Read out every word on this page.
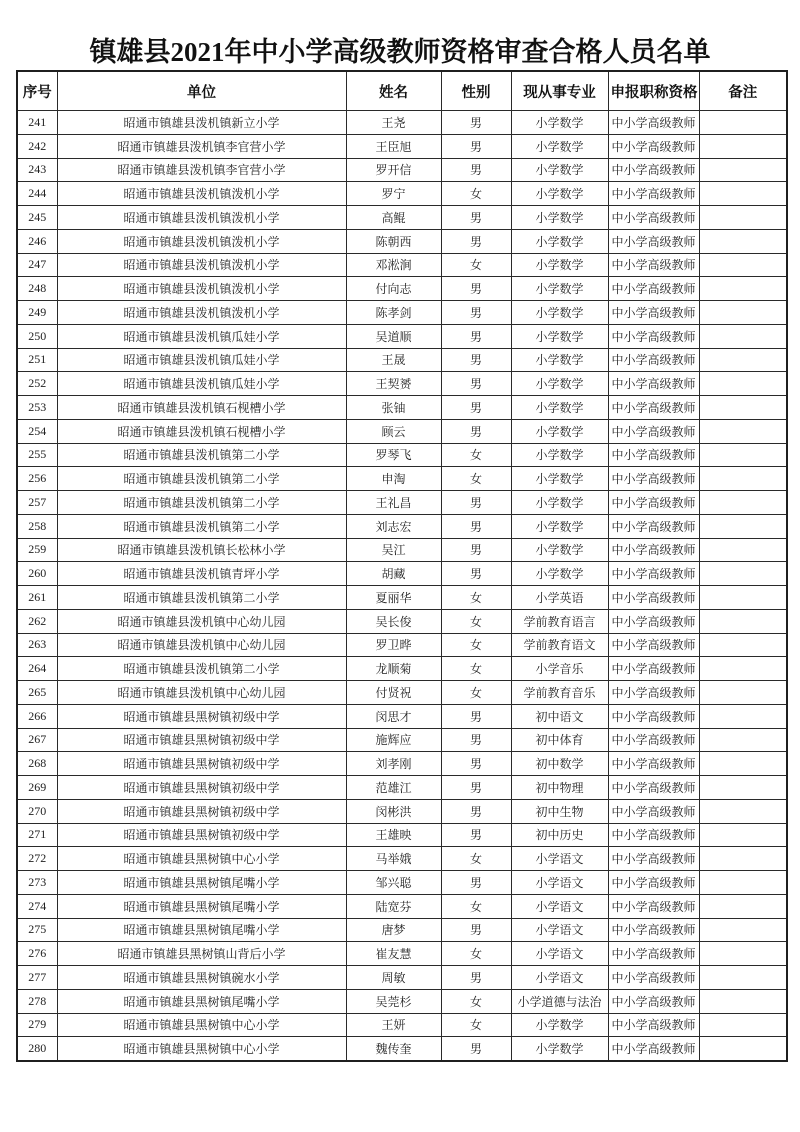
镇雄县2021年中小学高级教师资格审查合格人员名单
序号	单位	姓名	性别	现从事专业	申报职称资格	备注
241	昭通市镇雄县泼机镇新立小学	王尧	男	小学数学	中小学高级教师	
242	昭通市镇雄县泼机镇李官营小学	王臣旭	男	小学数学	中小学高级教师	
243	昭通市镇雄县泼机镇李官营小学	罗开信	男	小学数学	中小学高级教师	
244	昭通市镇雄县泼机镇泼机小学	罗宁	女	小学数学	中小学高级教师	
245	昭通市镇雄县泼机镇泼机小学	高鲲	男	小学数学	中小学高级教师	
246	昭通市镇雄县泼机镇泼机小学	陈朝西	男	小学数学	中小学高级教师	
247	昭通市镇雄县泼机镇泼机小学	邓淞涧	女	小学数学	中小学高级教师	
248	昭通市镇雄县泼机镇泼机小学	付向志	男	小学数学	中小学高级教师	
249	昭通市镇雄县泼机镇泼机小学	陈孝剑	男	小学数学	中小学高级教师	
250	昭通市镇雄县泼机镇瓜娃小学	吴道顺	男	小学数学	中小学高级教师	
251	昭通市镇雄县泼机镇瓜娃小学	王晟	男	小学数学	中小学高级教师	
252	昭通市镇雄县泼机镇瓜娃小学	王契赟	男	小学数学	中小学高级教师	
253	昭通市镇雄县泼机镇石枧槽小学	张铀	男	小学数学	中小学高级教师	
254	昭通市镇雄县泼机镇石枧槽小学	顾云	男	小学数学	中小学高级教师	
255	昭通市镇雄县泼机镇第二小学	罗琴飞	女	小学数学	中小学高级教师	
256	昭通市镇雄县泼机镇第二小学	申淘	女	小学数学	中小学高级教师	
257	昭通市镇雄县泼机镇第二小学	王礼昌	男	小学数学	中小学高级教师	
258	昭通市镇雄县泼机镇第二小学	刘志宏	男	小学数学	中小学高级教师	
259	昭通市镇雄县泼机镇长松林小学	吴江	男	小学数学	中小学高级教师	
260	昭通市镇雄县泼机镇青坪小学	胡藏	男	小学数学	中小学高级教师	
261	昭通市镇雄县泼机镇第二小学	夏丽华	女	小学英语	中小学高级教师	
262	昭通市镇雄县泼机镇中心幼儿园	吴长俊	女	学前教育语言	中小学高级教师	
263	昭通市镇雄县泼机镇中心幼儿园	罗卫晔	女	学前教育语文	中小学高级教师	
264	昭通市镇雄县泼机镇第二小学	龙顺菊	女	小学音乐	中小学高级教师	
265	昭通市镇雄县泼机镇中心幼儿园	付贤祝	女	学前教育音乐	中小学高级教师	
266	昭通市镇雄县黑树镇初级中学	闵思才	男	初中语文	中小学高级教师	
267	昭通市镇雄县黑树镇初级中学	施辉应	男	初中体育	中小学高级教师	
268	昭通市镇雄县黑树镇初级中学	刘孝刚	男	初中数学	中小学高级教师	
269	昭通市镇雄县黑树镇初级中学	范雄江	男	初中物理	中小学高级教师	
270	昭通市镇雄县黑树镇初级中学	闵彬洪	男	初中生物	中小学高级教师	
271	昭通市镇雄县黑树镇初级中学	王雄映	男	初中历史	中小学高级教师	
272	昭通市镇雄县黑树镇中心小学	马举娥	女	小学语文	中小学高级教师	
273	昭通市镇雄县黑树镇尾嘴小学	邹兴聪	男	小学语文	中小学高级教师	
274	昭通市镇雄县黑树镇尾嘴小学	陆宽芬	女	小学语文	中小学高级教师	
275	昭通市镇雄县黑树镇尾嘴小学	唐梦	男	小学语文	中小学高级教师	
276	昭通市镇雄县黑树镇山背后小学	崔友慧	女	小学语文	中小学高级教师	
277	昭通市镇雄县黑树镇碗水小学	周敏	男	小学语文	中小学高级教师	
278	昭通市镇雄县黑树镇尾嘴小学	吴莞杉	女	小学道德与法治	中小学高级教师	
279	昭通市镇雄县黑树镇中心小学	王妍	女	小学数学	中小学高级教师	
280	昭通市镇雄县黑树镇中心小学	魏传奎	男	小学数学	中小学高级教师	
